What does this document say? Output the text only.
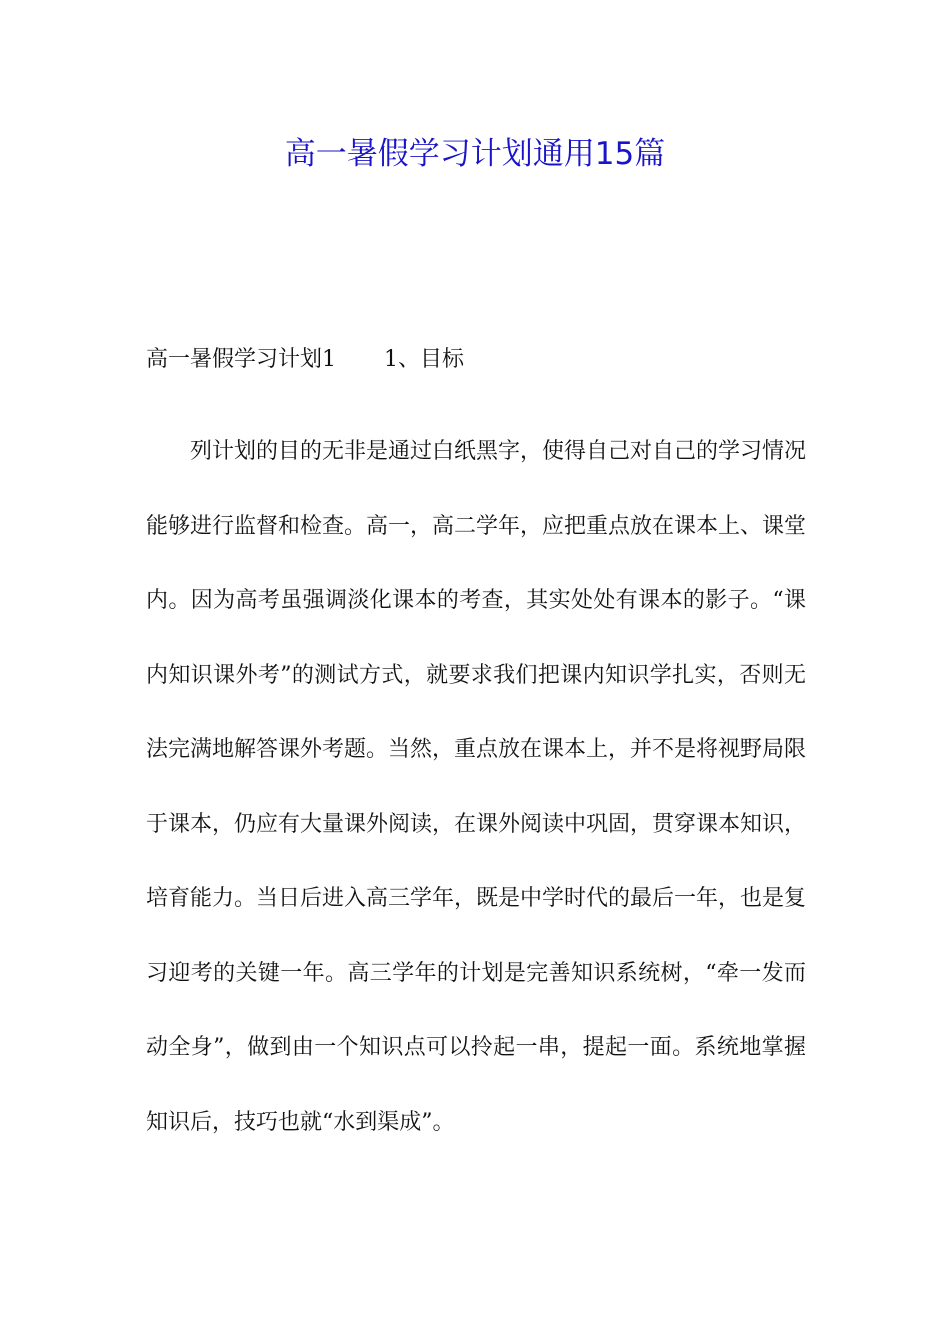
高一暑假学习计划通用15篇
高一暑假学习计划1 1、目标

列计划的目的无非是通过白纸黑字，使得自己对自己的学习情况能够进行监督和检查。高一，高二学年，应把重点放在课本上、课堂内。因为高考虽强调淡化课本的考查，其实处处有课本的影子。“课内知识课外考”的测试方式，就要求我们把课内知识学扎实，否则无法完满地解答课外考题。当然，重点放在课本上，并不是将视野局限于课本，仍应有大量课外阅读，在课外阅读中巩固，贯穿课本知识，培育能力。当日后进入高三学年，既是中学时代的最后一年，也是复习迎考的关键一年。高三学年的计划是完善知识系统树，“牵一发而动全身”，做到由一个知识点可以拎起一串，提起一面。系统地掌握知识后，技巧也就“水到渠成”。
